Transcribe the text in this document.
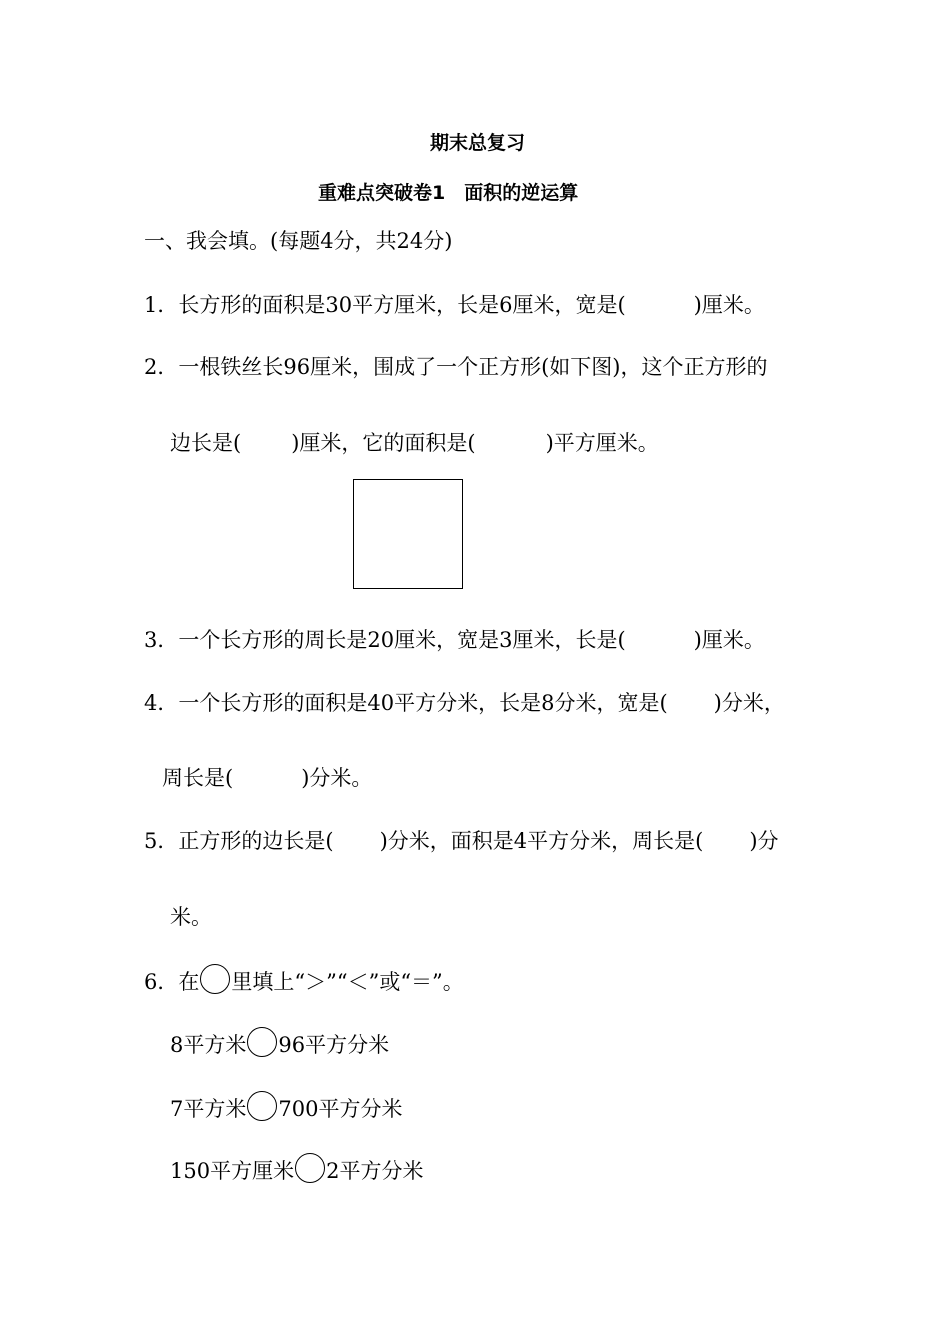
期末总复习
重难点突破卷1　面积的逆运算
一、我会填。(每题4分，共24分)
1．长方形的面积是30平方厘米，长是6厘米，宽是(	)厘米。
2．一根铁丝长96厘米，围成了一个正方形(如下图)，这个正方形的
边长是( )厘米，它的面积是(	)平方厘米。
3．一个长方形的周长是20厘米，宽是3厘米，长是(	)厘米。
4．一个长方形的面积是40平方分米，长是8分米，宽是( )分米，
周长是(	)分米。
5．正方形的边长是( )分米，面积是4平方分米，周长是( )分
米。
6．在 里填上“＞”“＜”或“＝”。
8平方米 96平方分米
7平方米 700平方分米
150平方厘米 2平方分米
